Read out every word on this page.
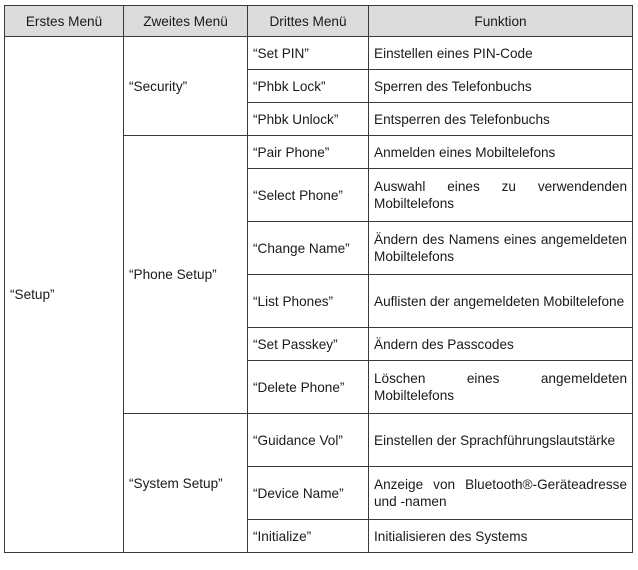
Erstes Menü	Zweites Menü	Drittes Menü	Funktion
“Setup”	“Security”	“Set PIN”	Einstellen eines PIN-Code
		“Phbk Lock”	Sperren des Telefonbuchs
		“Phbk Unlock”	Entsperren des Telefonbuchs
	“Phone Setup”	“Pair Phone”	Anmelden eines Mobiltelefons
		“Select Phone”	Auswahl eines zu verwendenden Mobiltelefons
		“Change Name”	Ändern des Namens eines angemeldeten Mobiltelefons
		“List Phones”	Auflisten der angemeldeten Mobiltelefone
		“Set Passkey”	Ändern des Passcodes
		“Delete Phone”	Löschen eines angemeldeten Mobiltelefons
	“System Setup”	“Guidance Vol”	Einstellen der Sprachführungslautstärke
		“Device Name”	Anzeige von Bluetooth®-Geräteadresse und -namen
		“Initialize”	Initialisieren des Systems
